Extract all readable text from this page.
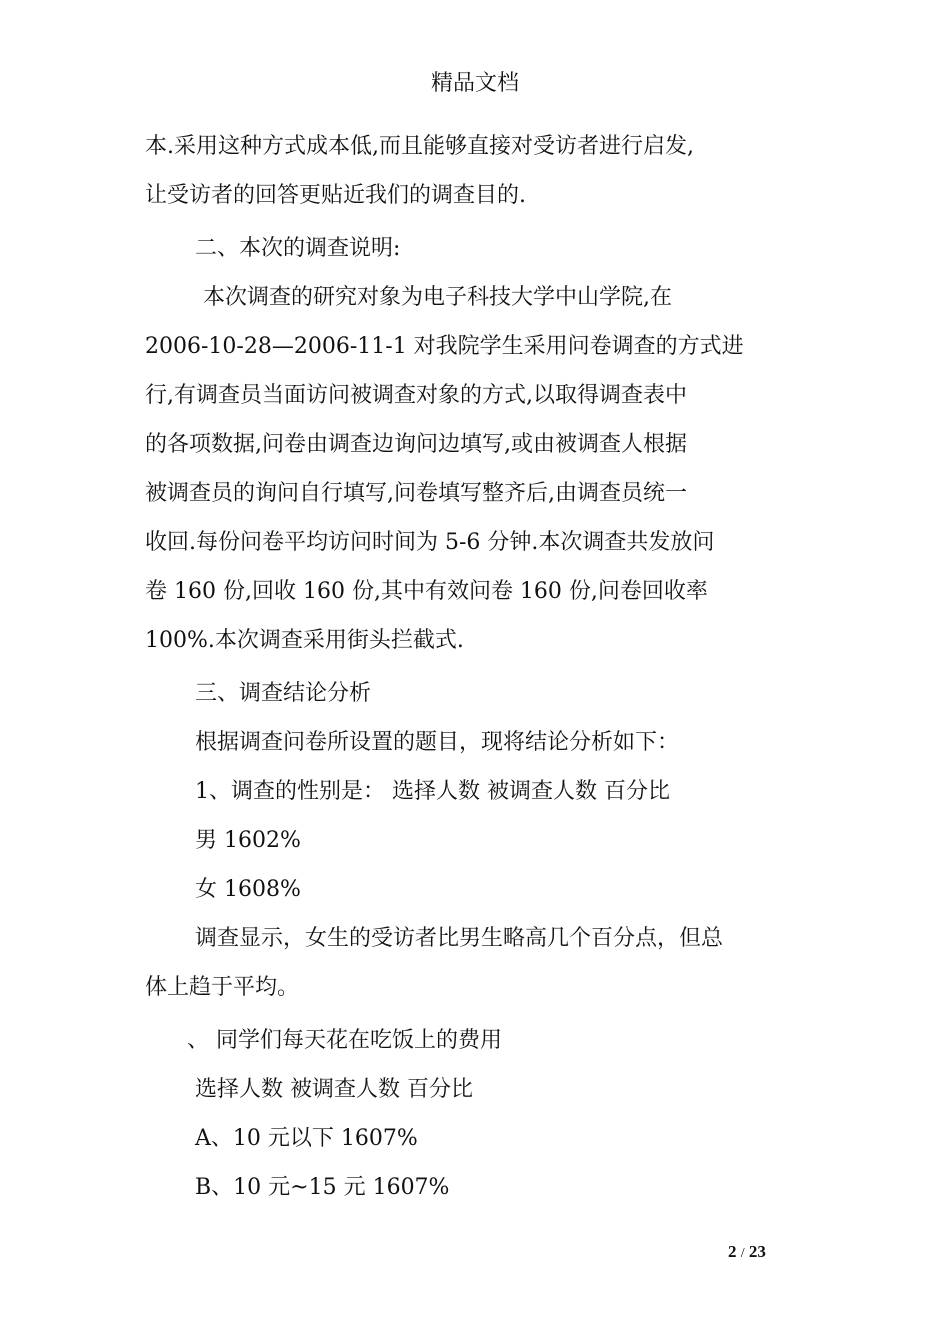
精品文档
本.采用这种方式成本低,而且能够直接对受访者进行启发,
让受访者的回答更贴近我们的调查目的.
二、本次的调查说明:
本次调查的研究对象为电子科技大学中山学院,在
2006-10-28—2006-11-1 对我院学生采用问卷调查的方式进
行,有调查员当面访问被调查对象的方式,以取得调查表中
的各项数据,问卷由调查边询问边填写,或由被调查人根据
被调查员的询问自行填写,问卷填写整齐后,由调查员统一
收回.每份问卷平均访问时间为 5-6 分钟.本次调查共发放问
卷 160 份,回收 160 份,其中有效问卷 160 份,问卷回收率
100%.本次调查采用街头拦截式.
三、调查结论分析
根据调查问卷所设置的题目，现将结论分析如下：
1、调查的性别是： 选择人数 被调查人数 百分比
男 1602%
女 1608%
调查显示，女生的受访者比男生略高几个百分点，但总
体上趋于平均。
、 同学们每天花在吃饭上的费用
选择人数 被调查人数 百分比
A、10 元以下 1607%
B、10 元~15 元 1607%
2 / 23
